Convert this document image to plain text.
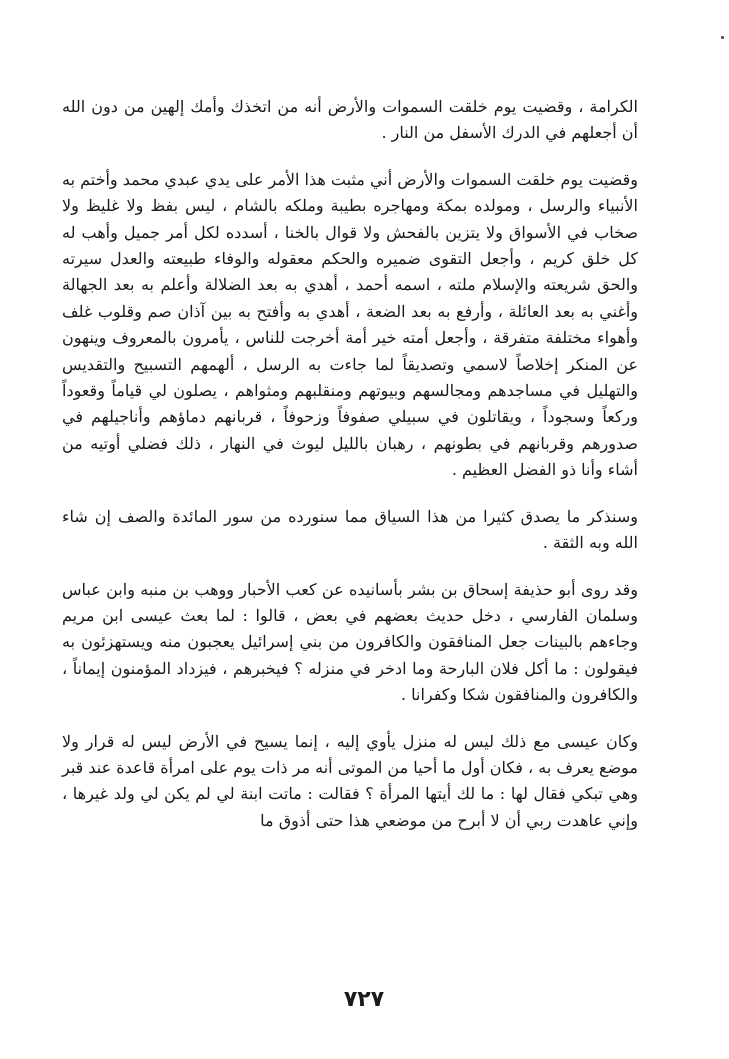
الكرامة ، وقضيت يوم خلقت السموات والأرض أنه من اتخذك وأمك إلهين من دون الله أن أجعلهم في الدرك الأسفل من النار .

وقضيت يوم خلقت السموات والأرض أني مثبت هذا الأمر على يدي عبدي محمد وأختم به الأنبياء والرسل ، ومولده بمكة ومهاجره بطيبة وملكه بالشام ، ليس بفظ ولا غليظ ولا صخاب في الأسواق ولا يتزين بالفحش ولا قوال بالخنا ، أسدده لكل أمر جميل وأهب له كل خلق كريم ، وأجعل التقوى ضميره والحكم معقوله والوفاء طبيعته والعدل سيرته والحق شريعته والإسلام ملته ، اسمه أحمد ، أهدي به بعد الضلالة وأعلم به بعد الجهالة وأغني به بعد العائلة ، وأرفع به بعد الضعة ، أهدي به وأفتح به بين آذان صم وقلوب غلف وأهواء مختلفة متفرقة ، وأجعل أمته خير أمة أخرجت للناس ، يأمرون بالمعروف وينهون عن المنكر إخلاصاً لاسمي وتصديقاً لما جاءت به الرسل ، ألهمهم التسبيح والتقديس والتهليل في مساجدهم ومجالسهم وبيوتهم ومنقلبهم ومثواهم ، يصلون لي قياماً وقعوداً وركعاً وسجوداً ، ويقاتلون في سبيلي صفوفاً وزحوفاً ، قربانهم دماؤهم وأناجيلهم في صدورهم وقربانهم في بطونهم ، رهبان بالليل ليوث في النهار ، ذلك فضلي أوتيه من أشاء وأنا ذو الفضل العظيم .

وسنذكر ما يصدق كثيرا من هذا السياق مما سنورده من سور المائدة والصف إن شاء الله وبه الثقة .

وقد روى أبو حذيفة إسحاق بن بشر بأسانيده عن كعب الأحبار ووهب بن منبه وابن عباس وسلمان الفارسي ، دخل حديث بعضهم في بعض ، قالوا : لما بعث عيسى ابن مريم وجاءهم بالبينات جعل المنافقون والكافرون من بني إسرائيل يعجبون منه ويستهزئون به فيقولون : ما أكل فلان البارحة وما ادخر في منزله ؟ فيخبرهم ، فيزداد المؤمنون إيماناً ، والكافرون والمنافقون شكا وكفرانا .

وكان عيسى مع ذلك ليس له منزل يأوي إليه ، إنما يسيح في الأرض ليس له قرار ولا موضع يعرف به ، فكان أول ما أحيا من الموتى أنه مر ذات يوم على امرأة قاعدة عند قبر وهي تبكي فقال لها : ما لك أيتها المرأة ؟ فقالت : ماتت ابنة لي لم يكن لي ولد غيرها ، وإني عاهدت ربي أن لا أبرح من موضعي هذا حتى أذوق ما

٧٢٧
